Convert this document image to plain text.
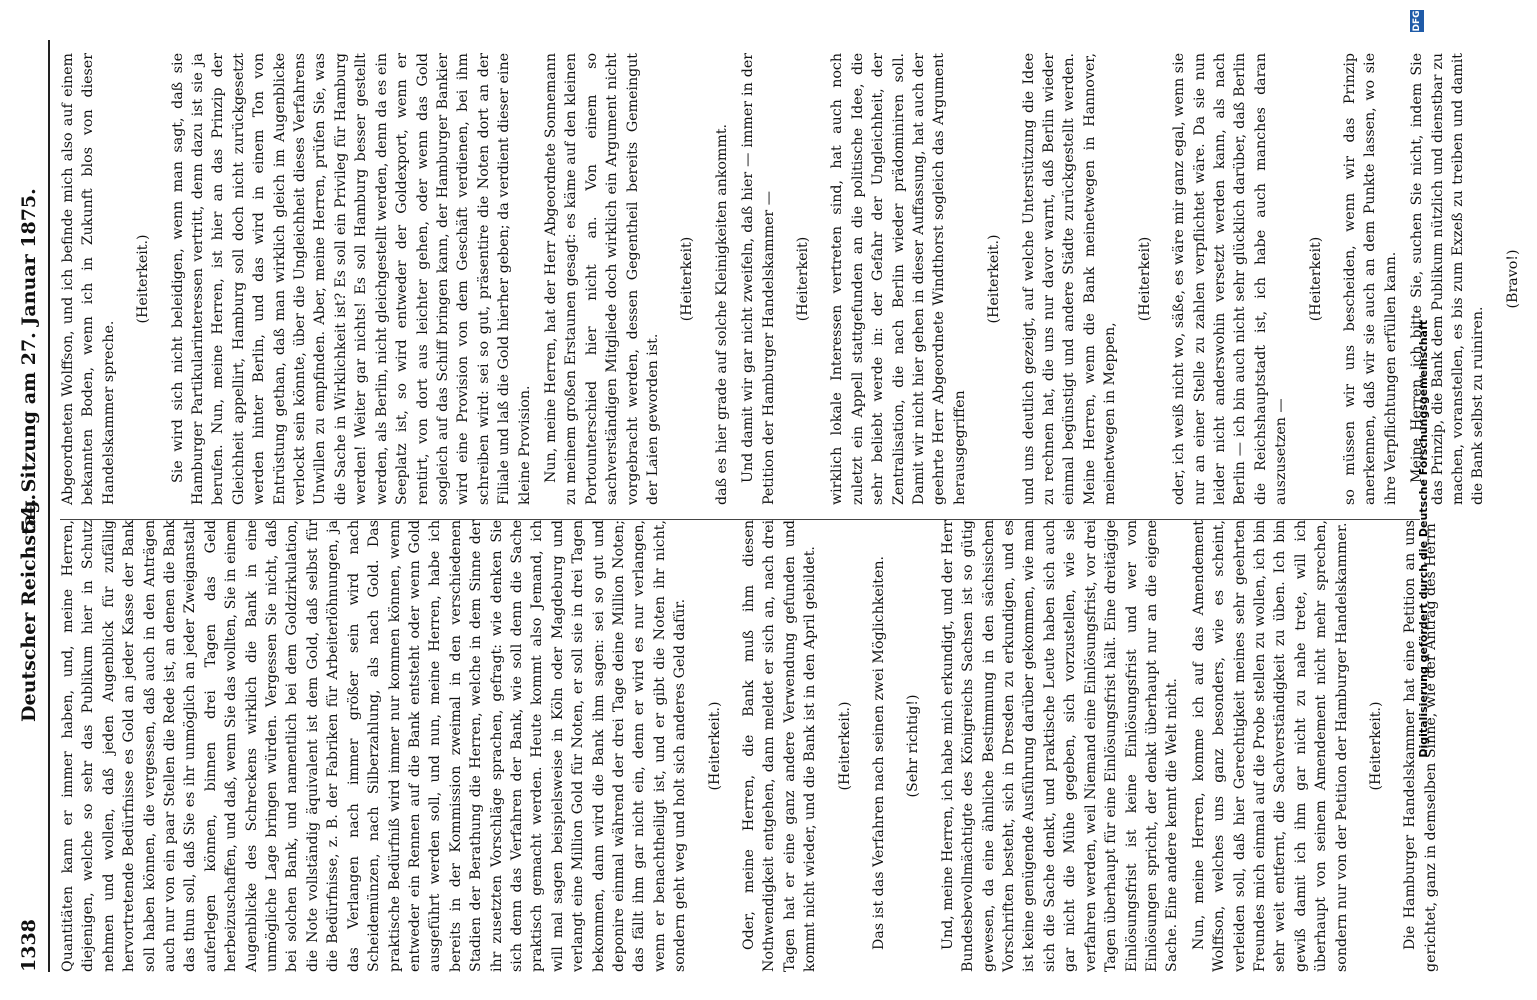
1338
Deutscher Reichstag.
54. Sitzung am 27. Januar 1875.

Quantitäten kann er immer haben, und, meine Herren, diejenigen, welche so sehr das Publikum hier in Schutz nehmen und wollen, daß jeden Augenblick für zufällig hervortretende Bedürfnisse es Gold an jeder Kasse der Bank soll haben können, die vergessen, daß auch in den Anträgen auch nur von ein paar Stellen die Rede ist, an denen die Bank das thun soll, daß Sie es ihr unmöglich an jeder Zweiganstalt auferlegen können, binnen drei Tagen das Geld herbeizuschaffen, und daß, wenn Sie das wollten, Sie in einem Augenblicke des Schreckens wirklich die Bank in eine unmögliche Lage bringen würden. Vergessen Sie nicht, daß bei solchen Bank, und namentlich bei dem Goldzirkulation, die Note vollständig äquivalent ist dem Gold, daß selbst für die Bedürfnisse, z. B. der Fabriken für Arbeiterlöhnungen, ja das Verlangen nach immer größer sein wird nach Scheidemünzen, nach Silberzahlung, als nach Gold. Das praktische Bedürfniß wird immer nur kommen können, wenn entweder ein Rennen auf die Bank entsteht oder wenn Gold ausgeführt werden soll, und nun, meine Herren, habe ich bereits in der Kommission zweimal in den verschiedenen Stadien der Berathung die Herren, welche in dem Sinne der ihr zusetzten Vorschläge sprachen, gefragt: wie denken Sie sich denn das Verfahren der Bank, wie soll denn die Sache praktisch gemacht werden. Heute kommt also Jemand, ich will mal sagen beispielsweise in Köln oder Magdeburg und verlangt eine Million Gold für Noten, er soll sie in drei Tagen bekommen, dann wird die Bank ihm sagen: sei so gut und deponire einmal während der drei Tage deine Million Noten; das fällt ihm gar nicht ein, denn er wird es nur verlangen, wenn er benachtheiligt ist, und er gibt die Noten ihr nicht, sondern geht weg und holt sich anderes Geld dafür. (Heiterkeit.) Oder, meine Herren, die Bank muß ihm diesen Nothwendigkeit entgehen, dann meldet er sich an, nach drei Tagen hat er eine ganz andere Verwendung gefunden und kommt nicht wieder, und die Bank ist in den April gebildet. (Heiterkeit.) Das ist das Verfahren nach seinen zwei Möglichkeiten. (Sehr richtig!) Und, meine Herren, ich habe mich erkundigt, und der Herr Bundesbevollmächtigte des Königreichs Sachsen ist so gütig gewesen, da eine ähnliche Bestimmung in den sächsischen Vorschriften besteht, sich in Dresden zu erkundigen, und es ist keine genügende Ausführung darüber gekommen, wie man sich die Sache denkt, und praktische Leute haben sich auch gar nicht die Mühe gegeben, sich vorzustellen, wie sie verfahren werden, weil Niemand eine Einlösungsfrist, vor drei Tagen überhaupt für eine Einlösungsfrist hält. Eine dreitägige Einlösungsfrist ist keine Einlösungsfrist und wer von Einlösungen spricht, der denkt überhaupt nur an die eigene Sache. Eine andere kennt die Welt nicht. Nun, meine Herren, komme ich auf das Amendement Wolffson, welches uns ganz besonders, wie es scheint, verleiden soll, daß hier Gerechtigkeit meines sehr geehrten Freundes mich einmal auf die Probe stellen zu wollen, ich bin sehr weit entfernt, die Sachverständigkeit zu üben. Ich bin gewiß damit ich ihm gar nicht zu nahe trete, will ich überhaupt von seinem Amendement nicht mehr sprechen, sondern nur von der Petition der Hamburger Handelskammer. (Heiterkeit.) Die Hamburger Handelskammer hat eine Petition an uns gerichtet, ganz in demselben Sinne, wie der Antrag des Herrn

Abgeordneten Wolffson, und ich befinde mich also auf einem bekannten Boden, wenn ich in Zukunft blos von dieser Handelskammer spreche.

(Heiterkeit.) Sie wird sich nicht beleidigen, wenn man sagt, daß sie Hamburger Partikularinteressen vertritt, denn dazu ist sie ja berufen. Nun, meine Herren, ist hier an das Prinzip der Gleichheit appellirt, Hamburg soll doch nicht zurückgesetzt werden hinter Berlin, und das wird in einem Ton von Entrüstung gethan, daß man wirklich gleich im Augenblicke verlockt sein könnte, über die Ungleichheit dieses Verfahrens Unwillen zu empfinden. Aber, meine Herren, prüfen Sie, was die Sache in Wirklichkeit ist? Es soll ein Privileg für Hamburg werden! Weiter gar nichts! Es soll Hamburg besser gestellt werden, als Berlin, nicht gleichgestellt werden, denn da es ein Seeplatz ist, so wird entweder der Goldexport, wenn er rentirt, von dort aus leichter gehen, oder wenn das Gold sogleich auf das Schiff bringen kann, der Hamburger Bankier wird eine Provision von dem Geschäft verdienen, bei ihm schreiben wird: sei so gut, präsentire die Noten dort an der Filiale und laß die Gold hierher geben; da verdient dieser eine kleine Provision. Nun, meine Herren, hat der Herr Abgeordnete Sonnemann zu meinem großen Erstaunen gesagt: es käme auf den kleinen Portounterschied hier nicht an. Von einem so sachverständigen Mitgliede doch wirklich ein Argument nicht vorgebracht werden, dessen Gegentheil bereits Gemeingut der Laien geworden ist.

(Heiterkeit) daß es hier grade auf solche Kleinigkeiten ankommt. Und damit wir gar nicht zweifeln, daß hier — immer in der Petition der Hamburger Handelskammer — (Heiterkeit) wirklich lokale Interessen vertreten sind, hat auch noch zuletzt ein Appell stattgefunden an die politische Idee, die sehr beliebt werde in: der Gefahr der Ungleichheit, der Zentralisation, die nach Berlin wieder prädominiren soll. Damit wir nicht hier gehen in dieser Auffassung, hat auch der geehrte Herr Abgeordnete Windthorst sogleich das Argument herausgegriffen

(Heiterkeit.) und uns deutlich gezeigt, auf welche Unterstützung die Idee zu rechnen hat, die uns nur davor warnt, daß Berlin wieder einmal begünstigt und andere Städte zurückgestellt werden. Meine Herren, wenn die Bank meinetwegen in Hannover, meinetwegen in Meppen,

(Heiterkeit) oder, ich weiß nicht wo, säße, es wäre mir ganz egal, wenn sie nur an einer Stelle zu zahlen verpflichtet wäre. Da sie nun leider nicht anderswohin versetzt werden kann, als nach Berlin — ich bin auch nicht sehr glücklich darüber, daß Berlin die Reichshauptstadt ist, ich habe auch manches daran auszusetzen —

(Heiterkeit) so müssen wir uns bescheiden, wenn wir das Prinzip anerkennen, daß wir sie auch an dem Punkte lassen, wo sie ihre Verpflichtungen erfüllen kann. Meine Herren, ich bitte Sie, suchen Sie nicht, indem Sie das Prinzip, die Bank dem Publikum nützlich und dienstbar zu machen, voranstellen, es bis zum Exzeß zu treiben und damit die Bank selbst zu ruiniren.

(Bravo!)
Digitalisierung gefördert durch die Deutsche Forschungsgemeinschaft
DFG
